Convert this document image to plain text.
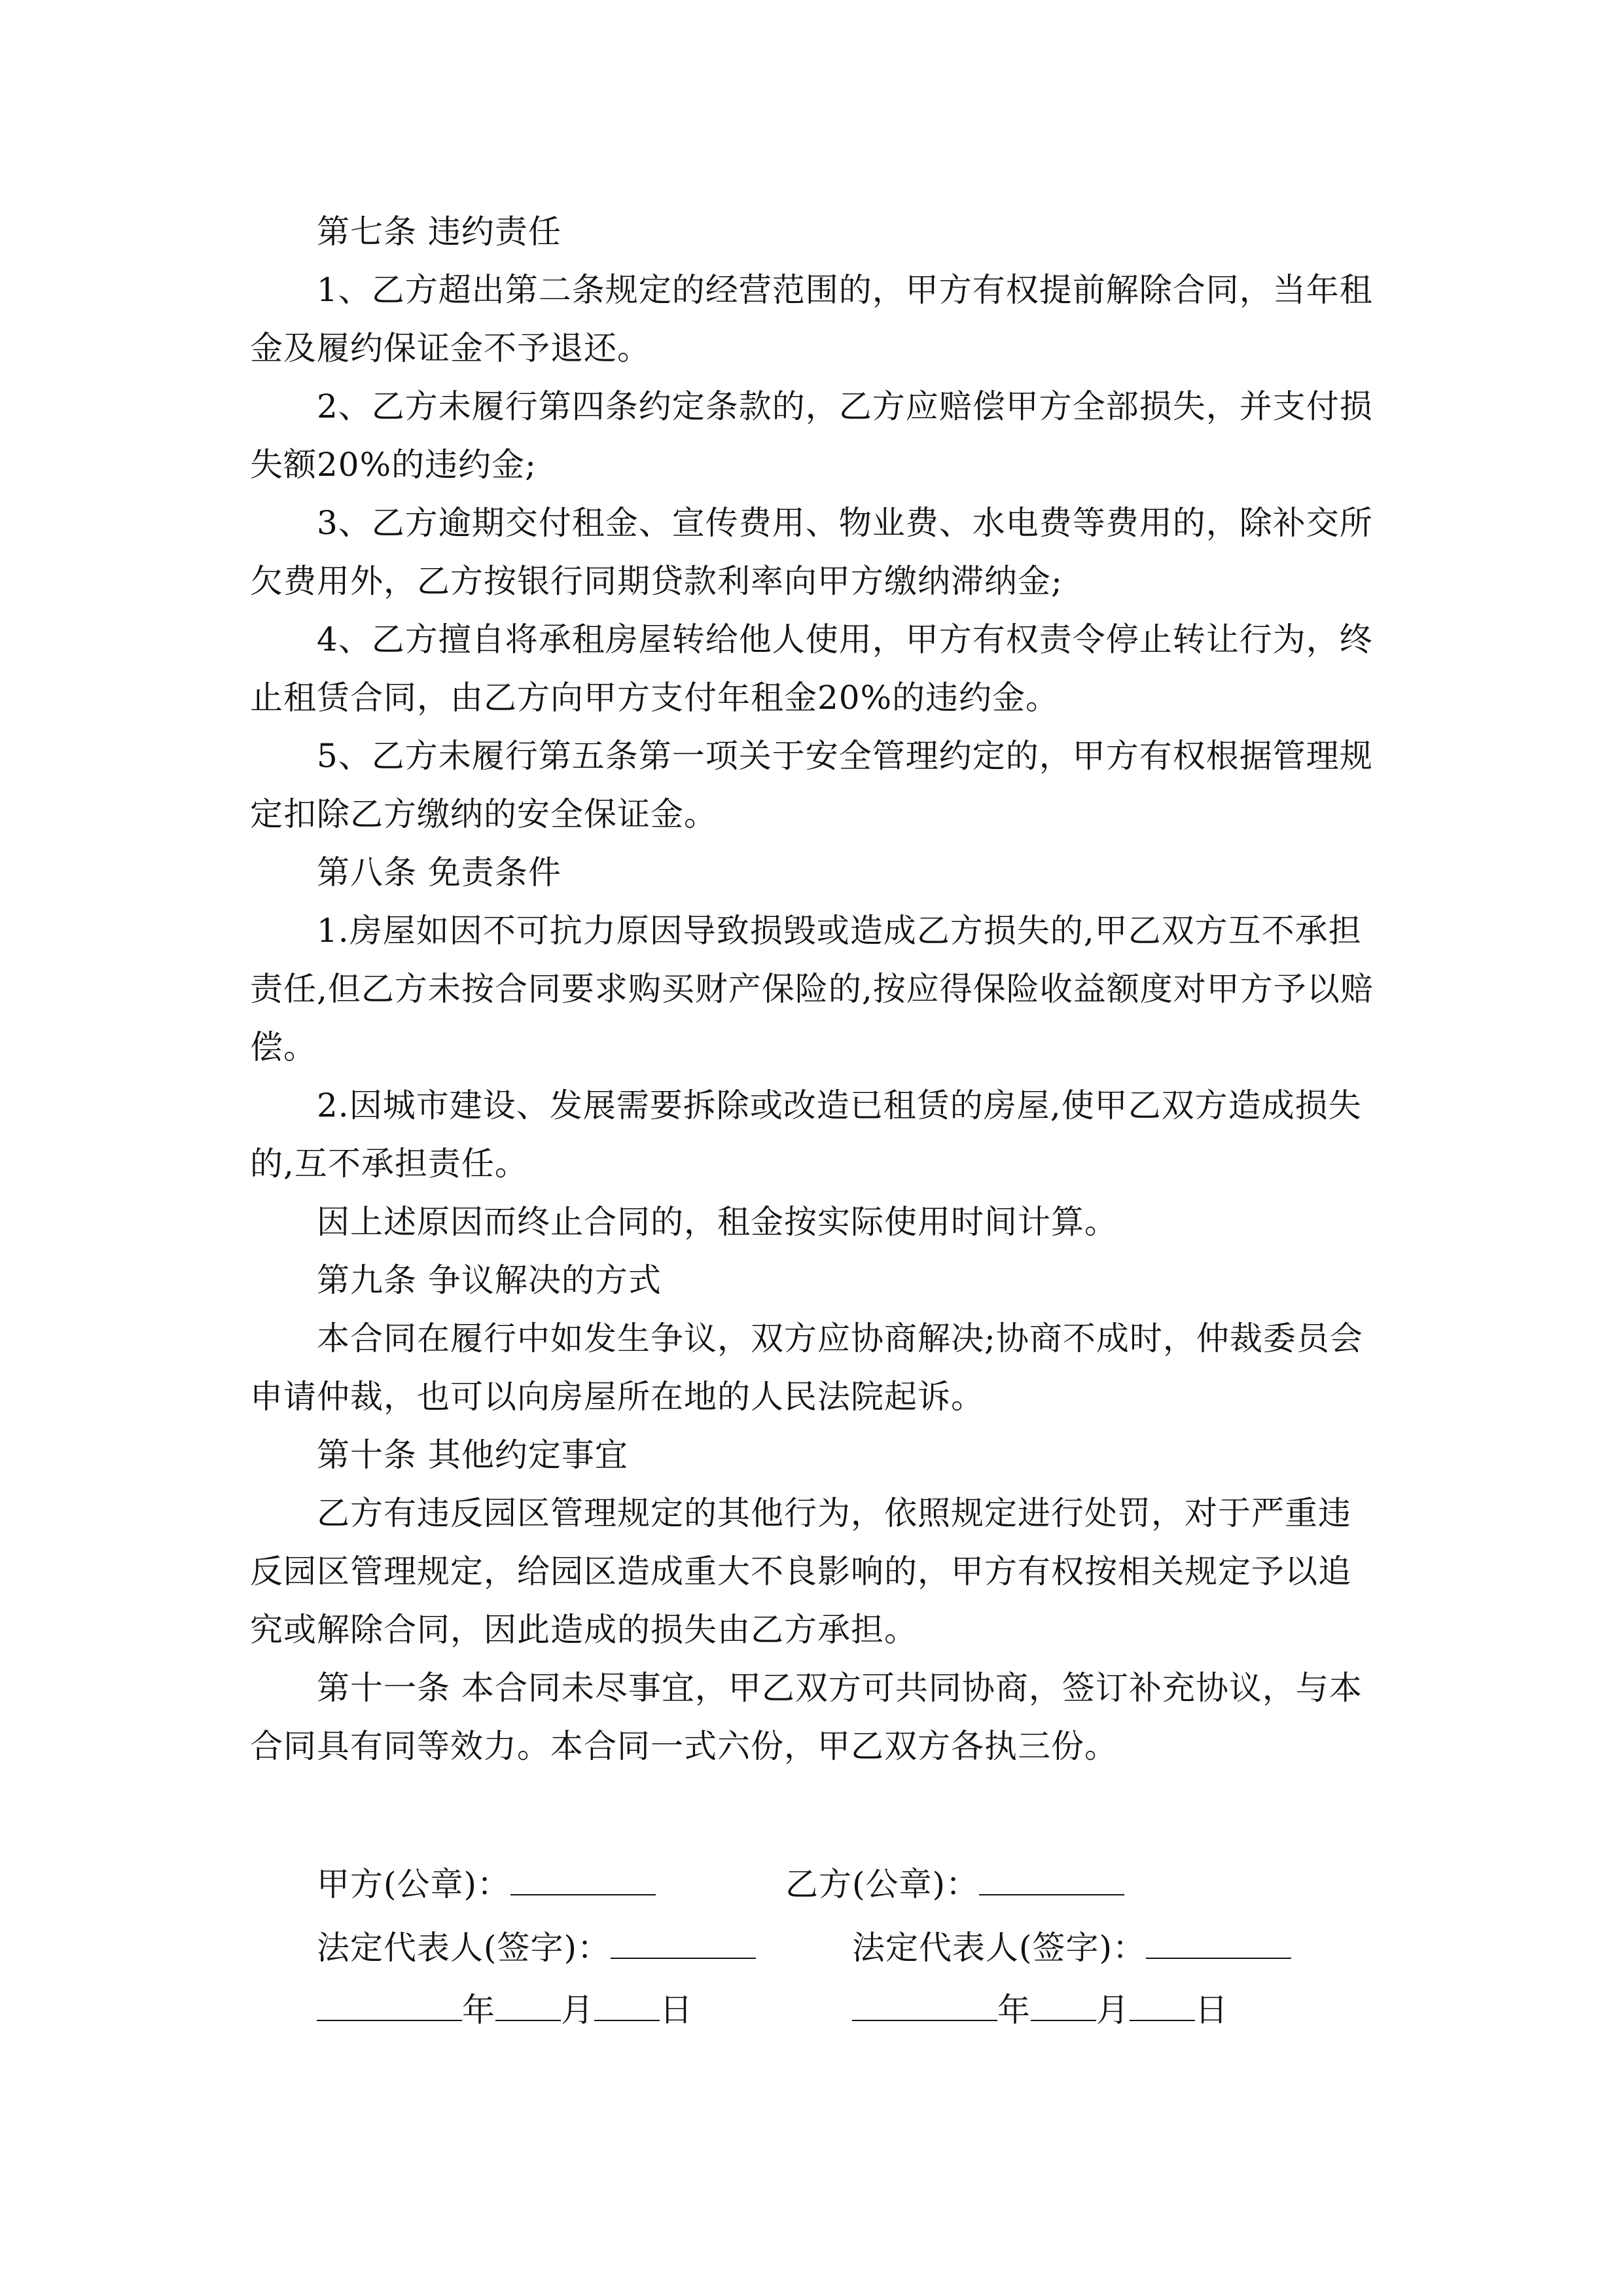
第七条 违约责任

1、乙方超出第二条规定的经营范围的，甲方有权提前解除合同，当年租金及履约保证金不予退还。

2、乙方未履行第四条约定条款的，乙方应赔偿甲方全部损失，并支付损失额20%的违约金;

3、乙方逾期交付租金、宣传费用、物业费、水电费等费用的，除补交所欠费用外，乙方按银行同期贷款利率向甲方缴纳滞纳金;

4、乙方擅自将承租房屋转给他人使用，甲方有权责令停止转让行为，终止租赁合同，由乙方向甲方支付年租金20%的违约金。

5、乙方未履行第五条第一项关于安全管理约定的，甲方有权根据管理规定扣除乙方缴纳的安全保证金。

第八条 免责条件

1.房屋如因不可抗力原因导致损毁或造成乙方损失的,甲乙双方互不承担责任,但乙方未按合同要求购买财产保险的,按应得保险收益额度对甲方予以赔偿。

2.因城市建设、发展需要拆除或改造已租赁的房屋,使甲乙双方造成损失的,互不承担责任。

因上述原因而终止合同的，租金按实际使用时间计算。

第九条 争议解决的方式

本合同在履行中如发生争议，双方应协商解决;协商不成时，仲裁委员会申请仲裁，也可以向房屋所在地的人民法院起诉。

第十条 其他约定事宜

乙方有违反园区管理规定的其他行为，依照规定进行处罚，对于严重违反园区管理规定，给园区造成重大不良影响的，甲方有权按相关规定予以追究或解除合同，因此造成的损失由乙方承担。

第十一条 本合同未尽事宜，甲乙双方可共同协商，签订补充协议，与本合同具有同等效力。本合同一式六份，甲乙双方各执三份。

甲方(公章)：	乙方(公章)：
法定代表人(签字)：	法定代表人(签字)：
年 月 日	年 月 日
